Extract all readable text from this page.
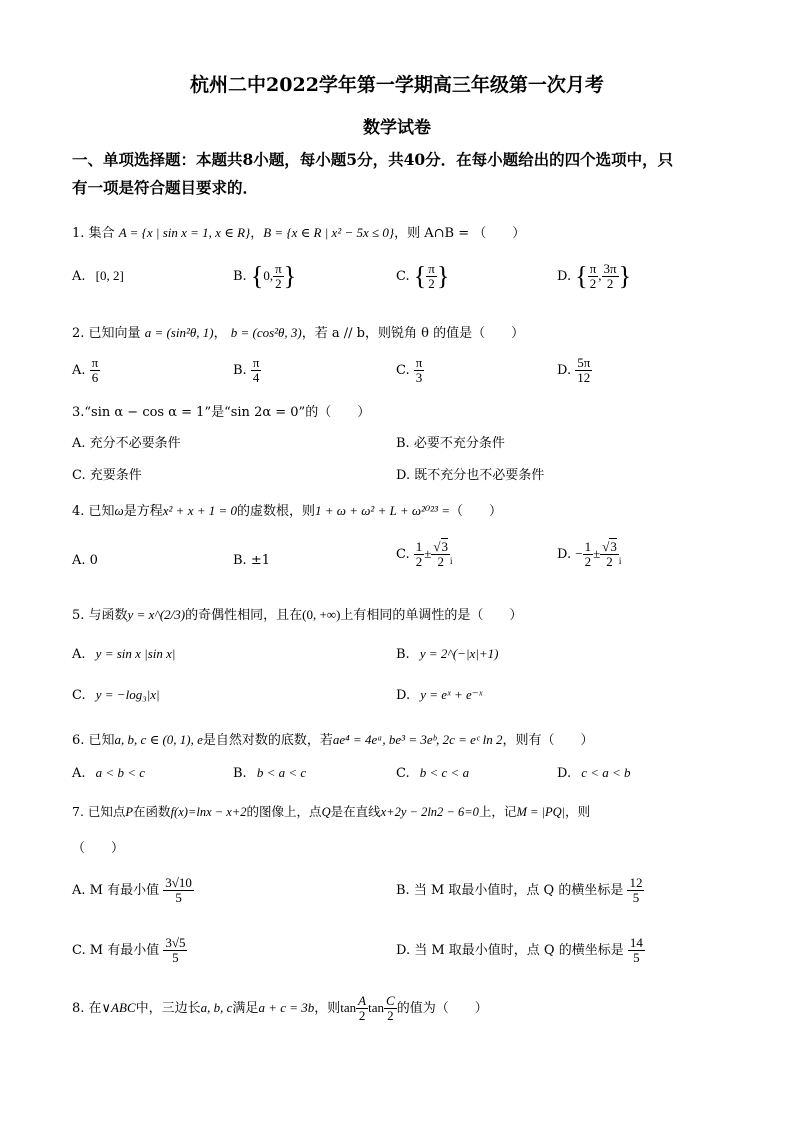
杭州二中2022学年第一学期高三年级第一次月考
数学试卷
一、单项选择题：本题共8小题，每小题5分，共40分．在每小题给出的四个选项中，只
有一项是符合题目要求的．
1. 集合 A = {x | sin x = 1, x ∈ R}，B = {x ∈ R | x² − 5x ≤ 0}，则 A∩B = （　　）
A. [0, 2]	B. {0, $\frac{\pi}{2}$ }	C. { $\frac{\pi}{2}$ }	D. { $\frac{\pi}{2}$ , $\frac{3\pi}{2}$ }
2. 已知向量 a = (sin²θ, 1)， b = (cos²θ, 3)，若 a // b，则锐角 θ 的值是（　　）
A. $\frac{\pi}{6}$	B. $\frac{\pi}{4}$	C. $\frac{\pi}{3}$	D. $\frac{5\pi}{12}$
3.“sin α − cos α = 1”是“sin 2α = 0”的（　　）
A. 充分不必要条件	B. 必要不充分条件
C. 充要条件	D. 既不充分也不必要条件
4. 已知ω是方程x² + x + 1 = 0的虚数根，则1 + ω + ω² + L + ω²⁰²³ =（　　）
A. 0	B. ±1	C. $\frac{1}{2} \pm \frac{√3}{2} _i$	D. − $\frac{1}{2} \pm \frac{√3}{2} _i$
5. 与函数y = x^(2/3)的奇偶性相同，且在(0, +∞)上有相同的单调性的是（　　）
A. y = sin x |sin x|	B. y = 2^(−|x|+1)
C. y = −log₃|x|	D. y = eˣ + e⁻ˣ
6. 已知a, b, c ∈ (0, 1), e是自然对数的底数，若ae⁴ = 4eᵃ, be³ = 3eᵇ, 2c = eᶜ ln 2，则有（　　）
A. a < b < c	B. b < a < c	C. b < c < a	D. c < a < b
7. 已知点P在函数f(x)=lnx − x+2的图像上，点Q是在直线x+2y − 2ln2 − 6=0上，记M = |PQ|，则
（　　）
A. M 有最小值 $\frac{3√10}{5}$	B. 当 M 取最小值时，点 Q 的横坐标是 $\frac{12}{5}$
C. M 有最小值 $\frac{3√5}{5}$	D. 当 M 取最小值时，点 Q 的横坐标是 $\frac{14}{5}$
8. 在∨ABC中，三边长a, b, c满足a + c = 3b，则$\tan \frac{A}{2}$ $\tan \frac{C}{2}$ 的值为（　　）
